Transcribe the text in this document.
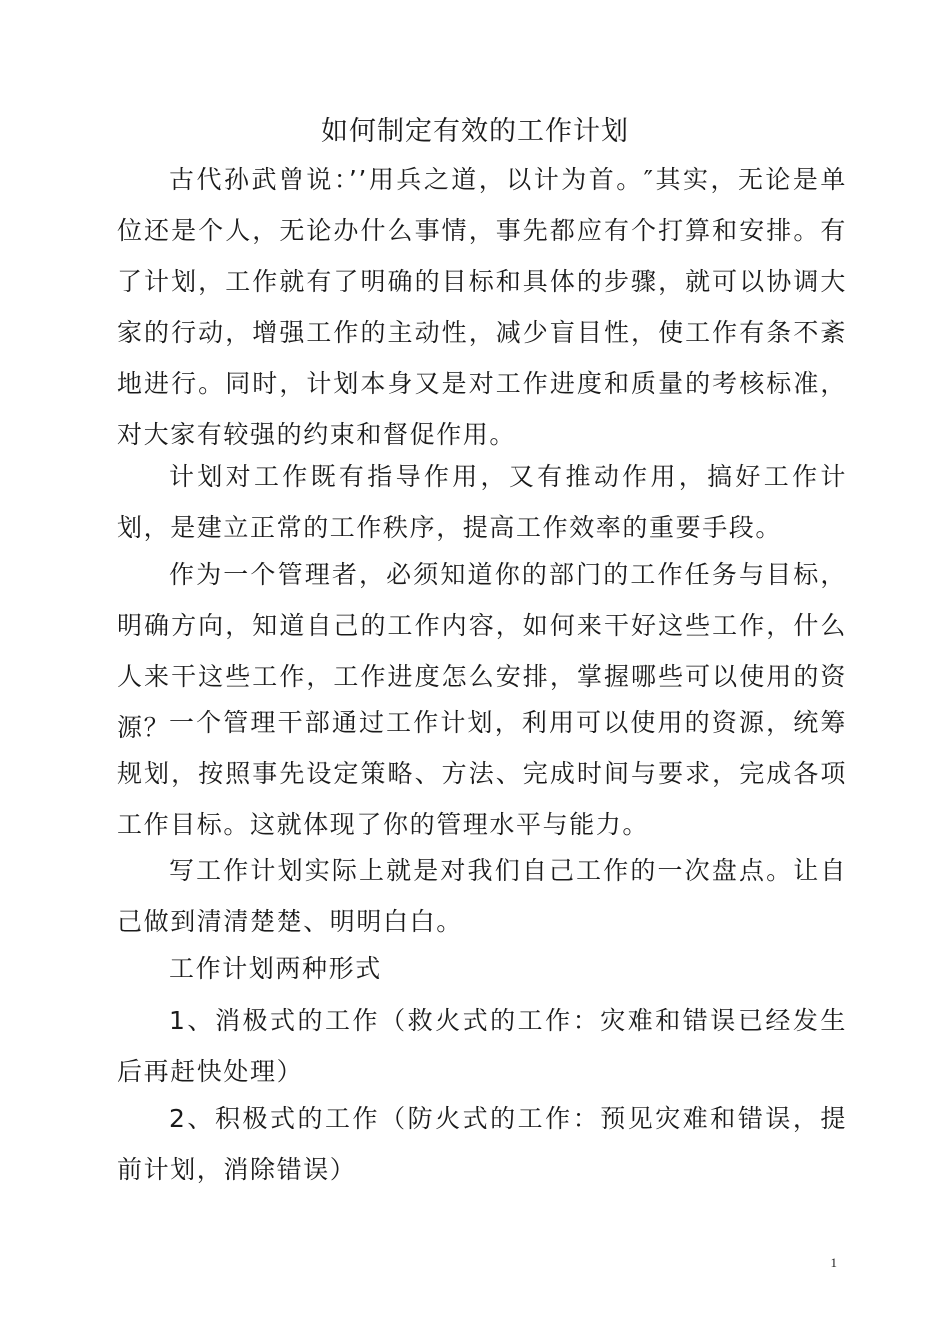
如何制定有效的工作计划

古代孙武曾说：’’用兵之道，以计为首。″其实，无论是单位还是个人，无论办什么事情，事先都应有个打算和安排。有了计划，工作就有了明确的目标和具体的步骤，就可以协调大家的行动，增强工作的主动性，减少盲目性，使工作有条不紊地进行。同时，计划本身又是对工作进度和质量的考核标准，对大家有较强的约束和督促作用。

计划对工作既有指导作用，又有推动作用，搞好工作计划，是建立正常的工作秩序，提高工作效率的重要手段。

作为一个管理者，必须知道你的部门的工作任务与目标，明确方向，知道自己的工作内容，如何来干好这些工作，什么人来干这些工作，工作进度怎么安排，掌握哪些可以使用的资源？

一个管理干部通过工作计划，利用可以使用的资源，统筹规划，按照事先设定策略、方法、完成时间与要求，完成各项工作目标。这就体现了你的管理水平与能力。

写工作计划实际上就是对我们自己工作的一次盘点。让自己做到清清楚楚、明明白白。

工作计划两种形式

1、消极式的工作（救火式的工作：灾难和错误已经发生后再赶快处理）

2、积极式的工作（防火式的工作：预见灾难和错误，提前计划，消除错误）

1
